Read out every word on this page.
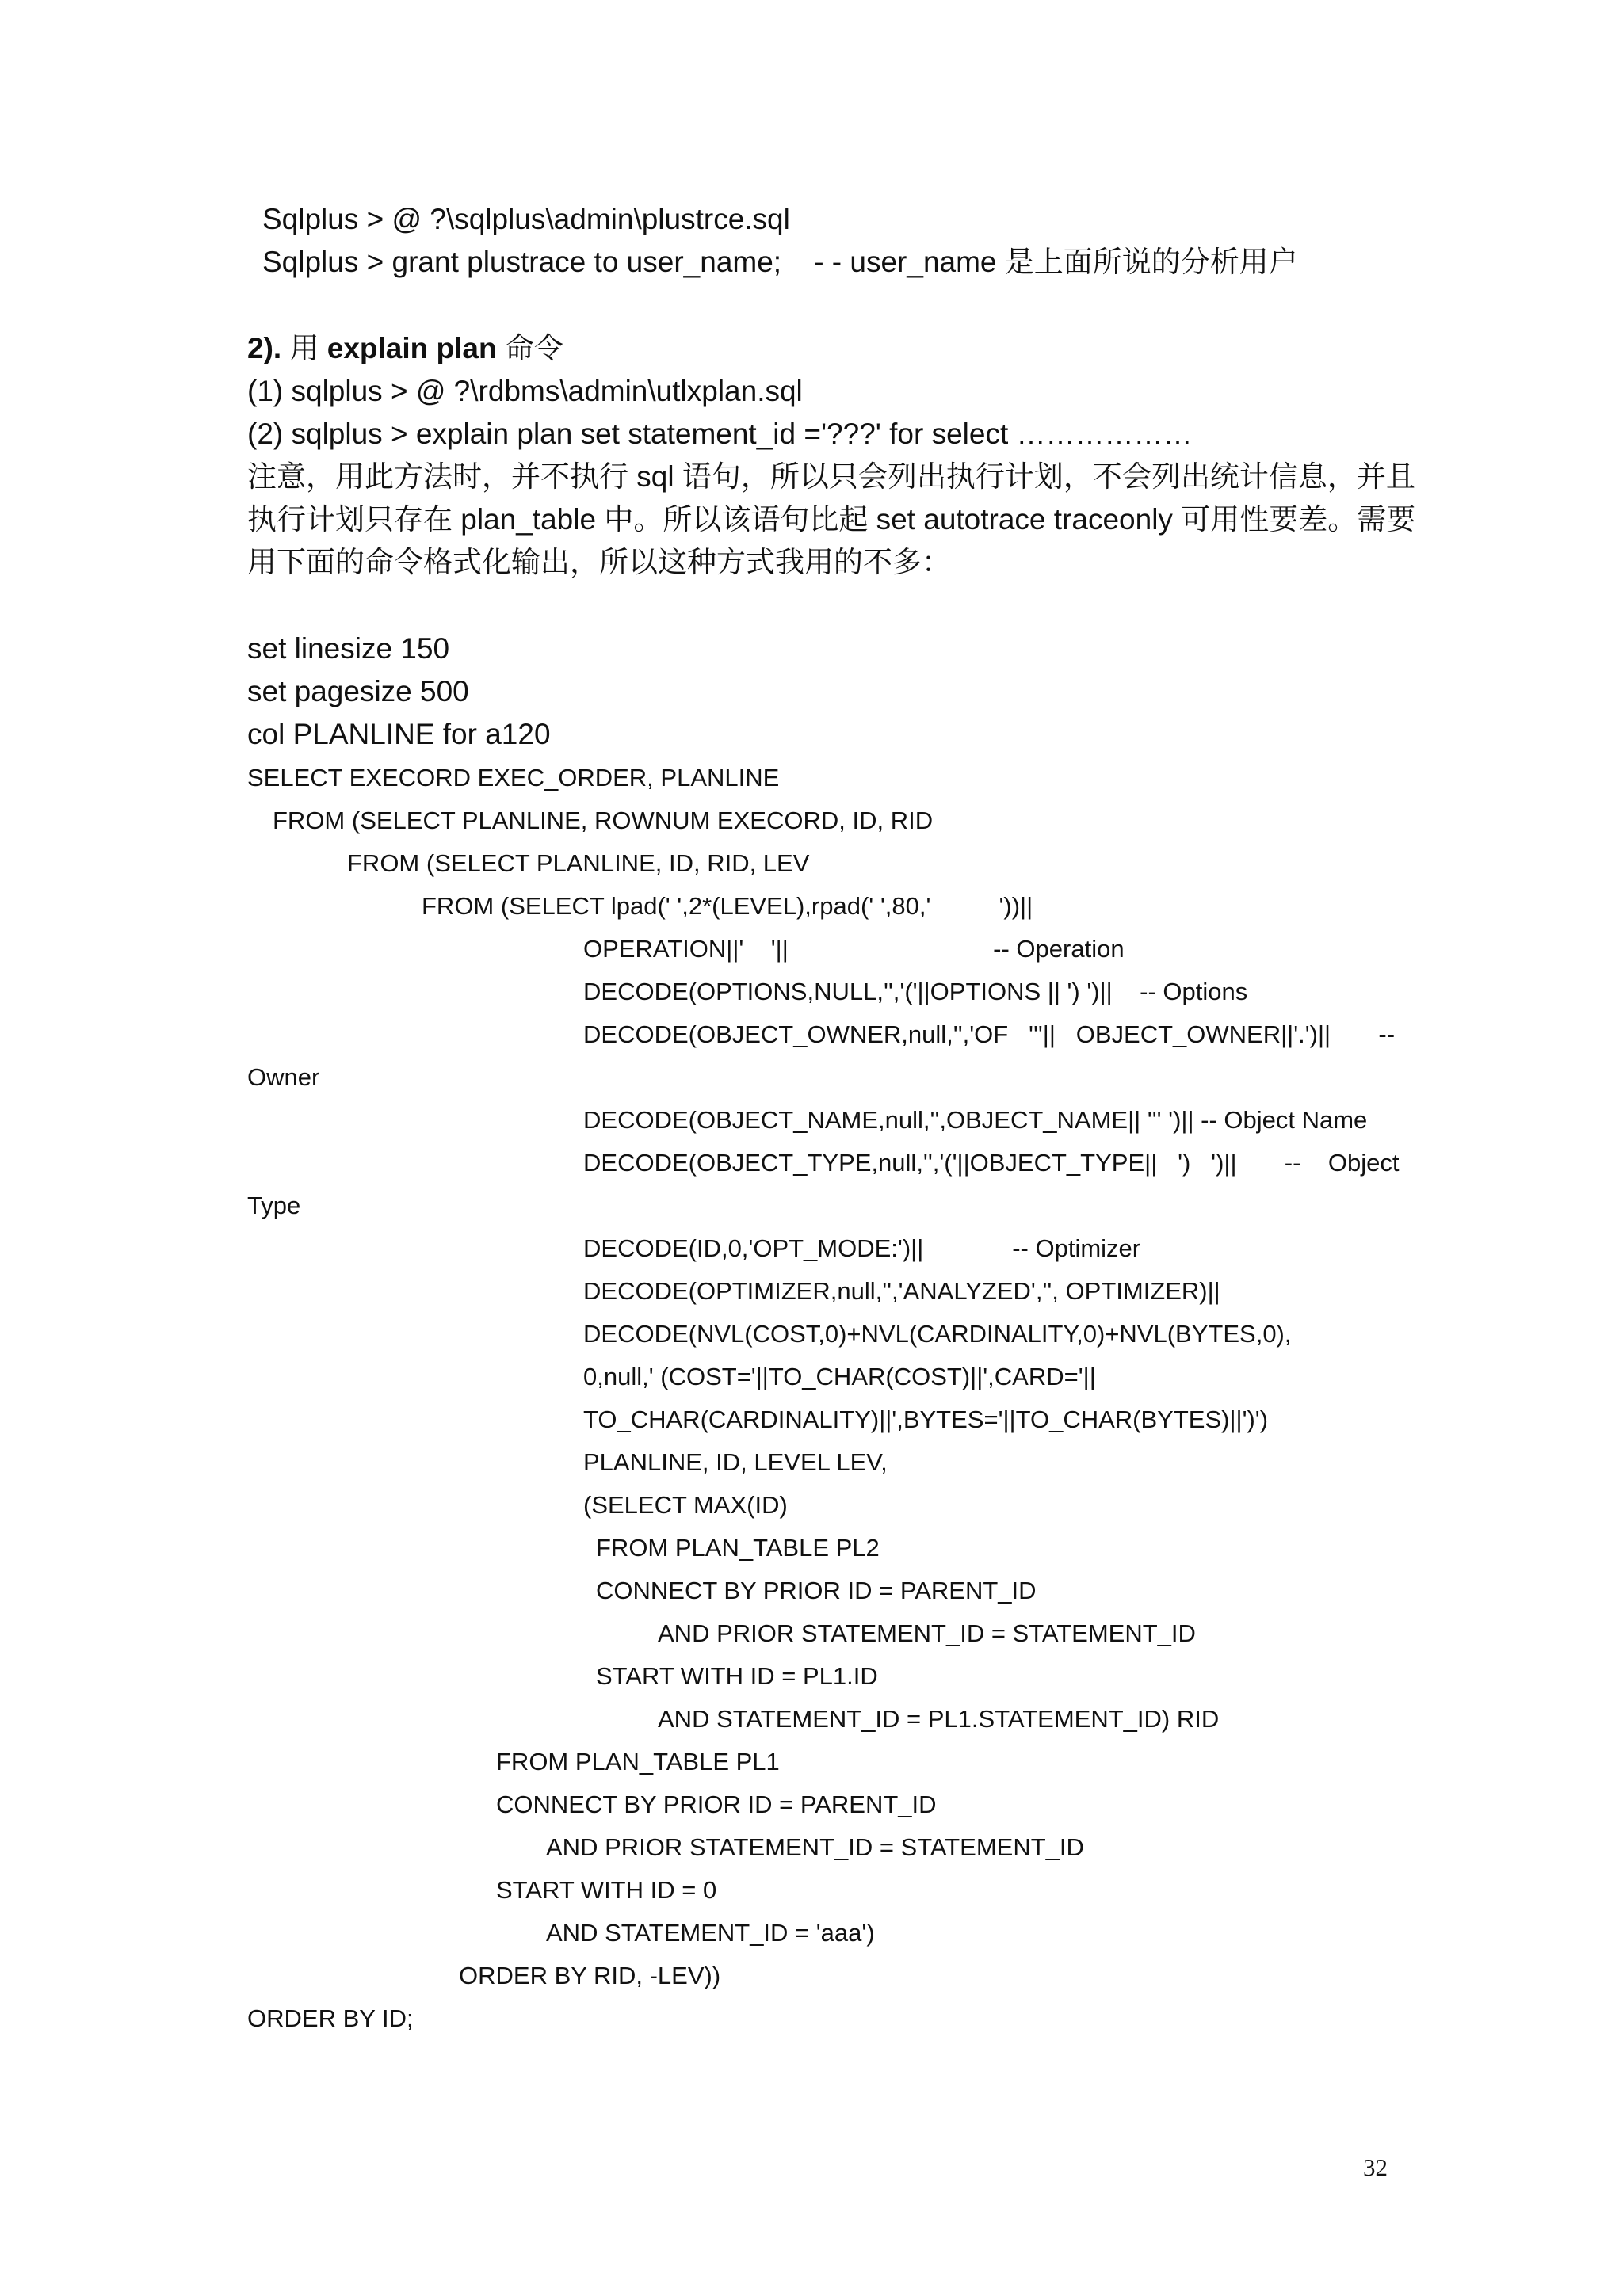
Sqlplus > @ ?\sqlplus\admin\plustrce.sql
Sqlplus > grant plustrace to user_name;    - - user_name 是上面所说的分析用户
2). 用 explain plan 命令
(1) sqlplus > @ ?\rdbms\admin\utlxplan.sql
(2) sqlplus > explain plan set statement_id ='???' for select ………………
注意，用此方法时，并不执行 sql 语句，所以只会列出执行计划，不会列出统计信息，并且
执行计划只存在 plan_table 中。所以该语句比起 set autotrace traceonly 可用性要差。需要
用下面的命令格式化输出，所以这种方式我用的不多：
set linesize 150
set pagesize 500
col PLANLINE for a120
SELECT EXECORD EXEC_ORDER, PLANLINE
FROM (SELECT PLANLINE, ROWNUM EXECORD, ID, RID
FROM (SELECT PLANLINE, ID, RID, LEV
FROM (SELECT lpad(' ',2*(LEVEL),rpad(' ',80,'          '))||
OPERATION||'    '||                              -- Operation
DECODE(OPTIONS,NULL,'','('||OPTIONS || ') ')||    -- Options
DECODE(OBJECT_OWNER,null,'','OF   '''||   OBJECT_OWNER||'.')||       --
Owner
DECODE(OBJECT_NAME,null,'',OBJECT_NAME|| ''' ')|| -- Object Name
DECODE(OBJECT_TYPE,null,'','('||OBJECT_TYPE||   ')   ')||       --    Object
Type
DECODE(ID,0,'OPT_MODE:')||             -- Optimizer
DECODE(OPTIMIZER,null,'','ANALYZED','', OPTIMIZER)||
DECODE(NVL(COST,0)+NVL(CARDINALITY,0)+NVL(BYTES,0),
0,null,' (COST='||TO_CHAR(COST)||',CARD='||
TO_CHAR(CARDINALITY)||',BYTES='||TO_CHAR(BYTES)||')')
PLANLINE, ID, LEVEL LEV,
(SELECT MAX(ID)
FROM PLAN_TABLE PL2
CONNECT BY PRIOR ID = PARENT_ID
AND PRIOR STATEMENT_ID = STATEMENT_ID
START WITH ID = PL1.ID
AND STATEMENT_ID = PL1.STATEMENT_ID) RID
FROM PLAN_TABLE PL1
CONNECT BY PRIOR ID = PARENT_ID
AND PRIOR STATEMENT_ID = STATEMENT_ID
START WITH ID = 0
AND STATEMENT_ID = 'aaa')
ORDER BY RID, -LEV))
ORDER BY ID;
32
